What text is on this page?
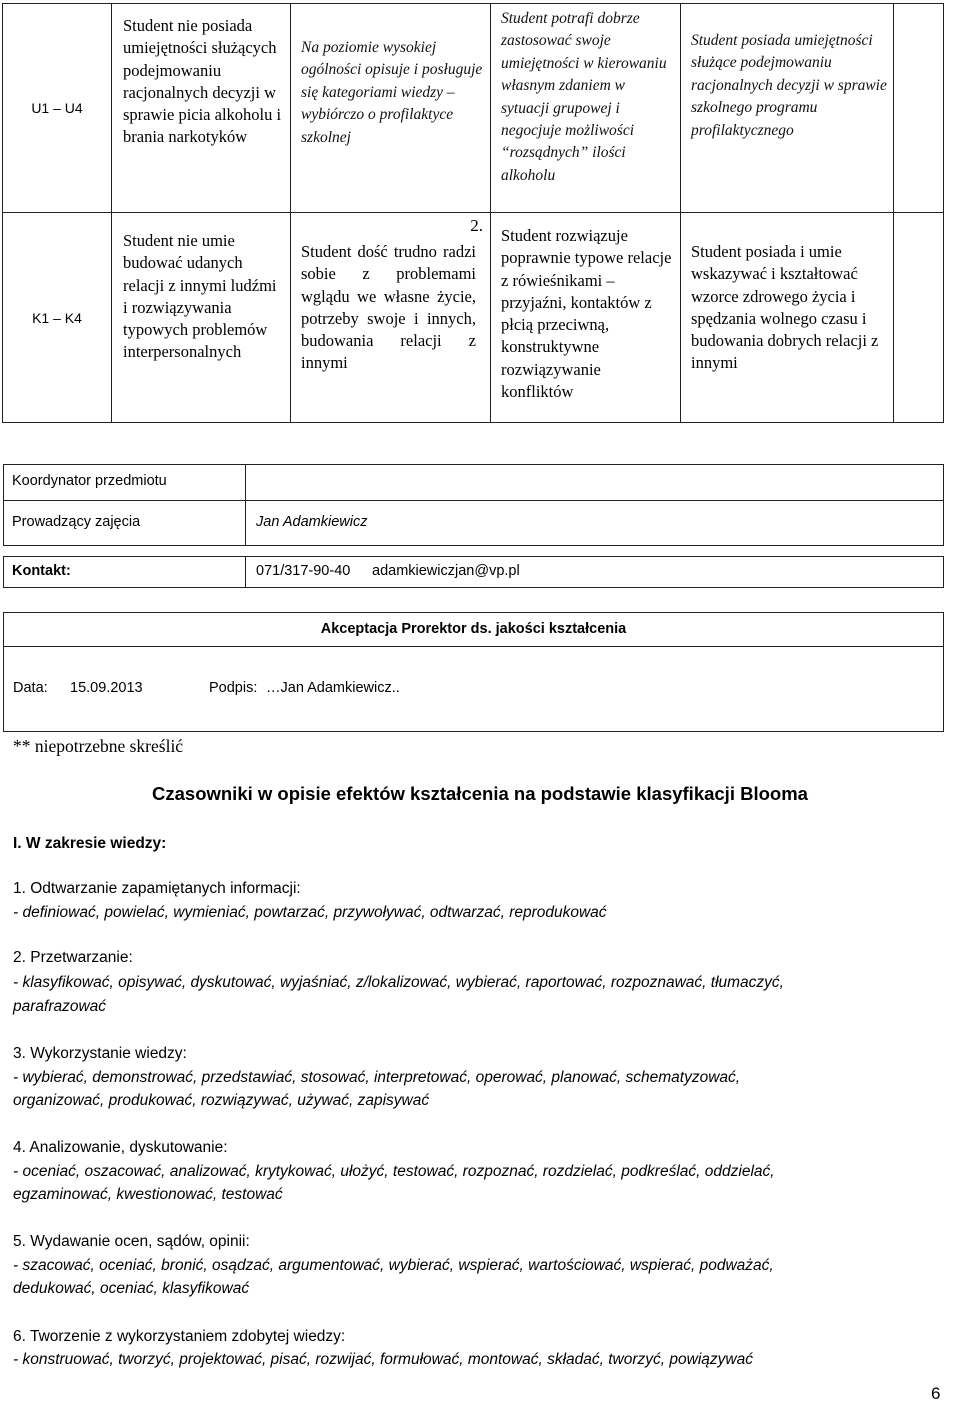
U1 – U4
Student nie posiada umiejętności służących podejmowaniu racjonalnych decyzji w sprawie picia alkoholu i brania narkotyków
Na poziomie wysokiej ogólności opisuje i posługuje się kategoriami wiedzy – wybiórczo o profilaktyce szkolnej
Student potrafi dobrze zastosować swoje umiejętności w kierowaniu własnym zdaniem w sytuacji grupowej i negocjuje możliwości “rozsądnych” ilości alkoholu
Student posiada umiejętności służące podejmowaniu racjonalnych decyzji w sprawie szkolnego programu profilaktycznego
K1 – K4
Student nie umie budować udanych relacji z innymi ludźmi i rozwiązywania typowych problemów interpersonalnych
2.
Student dość trudno radzi sobie z problemami wglądu we własne życie, potrzeby swoje i innych, budowania relacji z innymi
Student rozwiązuje poprawnie typowe relacje z rówieśnikami – przyjaźni, kontaktów z płcią przeciwną, konstruktywne rozwiązywanie konfliktów
Student posiada i umie wskazywać i kształtować wzorce zdrowego życia i spędzania wolnego czasu i budowania dobrych relacji z innymi
Koordynator przedmiotu
Prowadzący zajęcia	Jan Adamkiewicz
Kontakt:	071/317-90-40 adamkiewiczjan@vp.pl
Akceptacja Prorektor ds. jakości kształcenia
Data: 15.09.2013	Podpis: …Jan Adamkiewicz..
** niepotrzebne skreślić
Czasowniki w opisie efektów kształcenia na podstawie klasyfikacji Blooma
I. W zakresie wiedzy:
1. Odtwarzanie zapamiętanych informacji:
- definiować, powielać, wymieniać, powtarzać, przywoływać, odtwarzać, reprodukować
2. Przetwarzanie:
- klasyfikować, opisywać, dyskutować, wyjaśniać, z/lokalizować, wybierać, raportować, rozpoznawać, tłumaczyć,
parafrazować
3. Wykorzystanie wiedzy:
- wybierać, demonstrować, przedstawiać, stosować, interpretować, operować, planować, schematyzować,
organizować, produkować, rozwiązywać, używać, zapisywać
4. Analizowanie, dyskutowanie:
- oceniać, oszacować, analizować, krytykować, ułożyć, testować, rozpoznać, rozdzielać, podkreślać, oddzielać,
egzaminować, kwestionować, testować
5. Wydawanie ocen, sądów, opinii:
- szacować, oceniać, bronić, osądzać, argumentować, wybierać, wspierać, wartościować, wspierać, podważać,
dedukować, oceniać, klasyfikować
6. Tworzenie z wykorzystaniem zdobytej wiedzy:
- konstruować, tworzyć, projektować, pisać, rozwijać, formułować, montować, składać, tworzyć, powiązywać
6
